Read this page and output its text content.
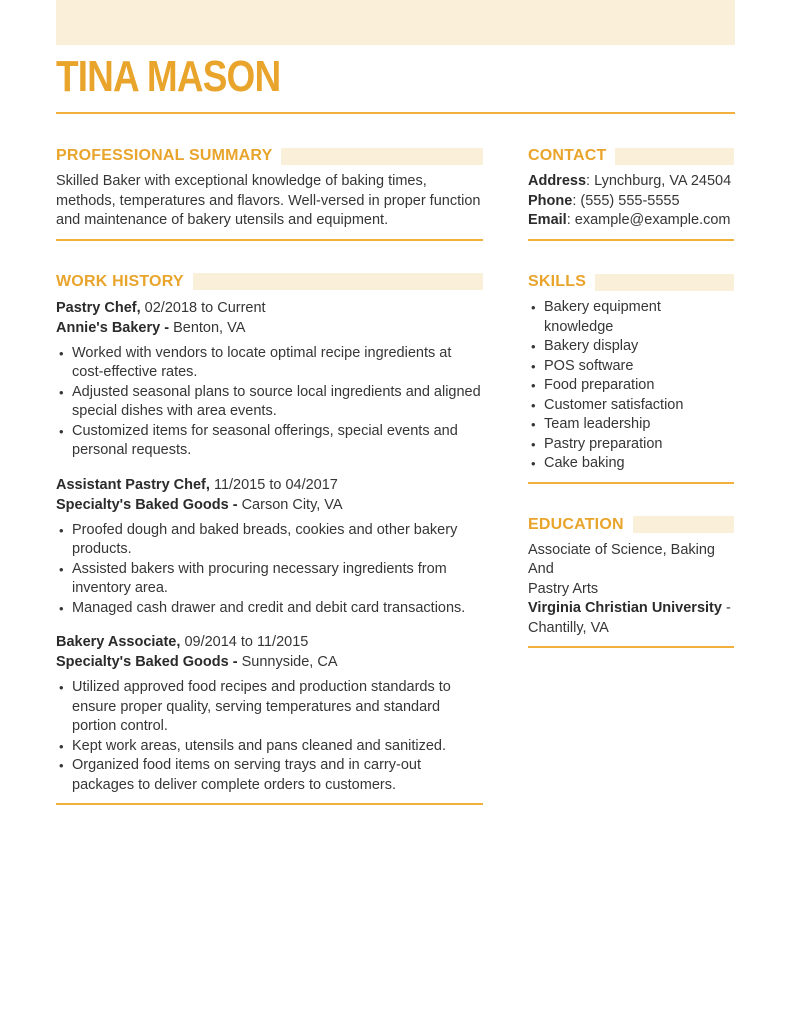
TINA MASON
PROFESSIONAL SUMMARY

Skilled Baker with exceptional knowledge of baking times, methods, temperatures and flavors. Well-versed in proper function and maintenance of bakery utensils and equipment.

WORK HISTORY
Pastry Chef, 02/2018 to Current
Annie's Bakery - Benton, VA
• Worked with vendors to locate optimal recipe ingredients at cost-effective rates.
• Adjusted seasonal plans to source local ingredients and aligned special dishes with area events.
• Customized items for seasonal offerings, special events and personal requests.
Assistant Pastry Chef, 11/2015 to 04/2017
Specialty's Baked Goods - Carson City, VA
• Proofed dough and baked breads, cookies and other bakery products.
• Assisted bakers with procuring necessary ingredients from inventory area.
• Managed cash drawer and credit and debit card transactions.
Bakery Associate, 09/2014 to 11/2015
Specialty's Baked Goods - Sunnyside, CA
• Utilized approved food recipes and production standards to ensure proper quality, serving temperatures and standard portion control.
• Kept work areas, utensils and pans cleaned and sanitized.
• Organized food items on serving trays and in carry-out packages to deliver complete orders to customers.
CONTACT
Address: Lynchburg, VA 24504
Phone: (555) 555-5555
Email: example@example.com
SKILLS
• Bakery equipment knowledge
• Bakery display
• POS software
• Food preparation
• Customer satisfaction
• Team leadership
• Pastry preparation
• Cake baking
EDUCATION
Associate of Science, Baking And
Pastry Arts
Virginia Christian University -
Chantilly, VA
